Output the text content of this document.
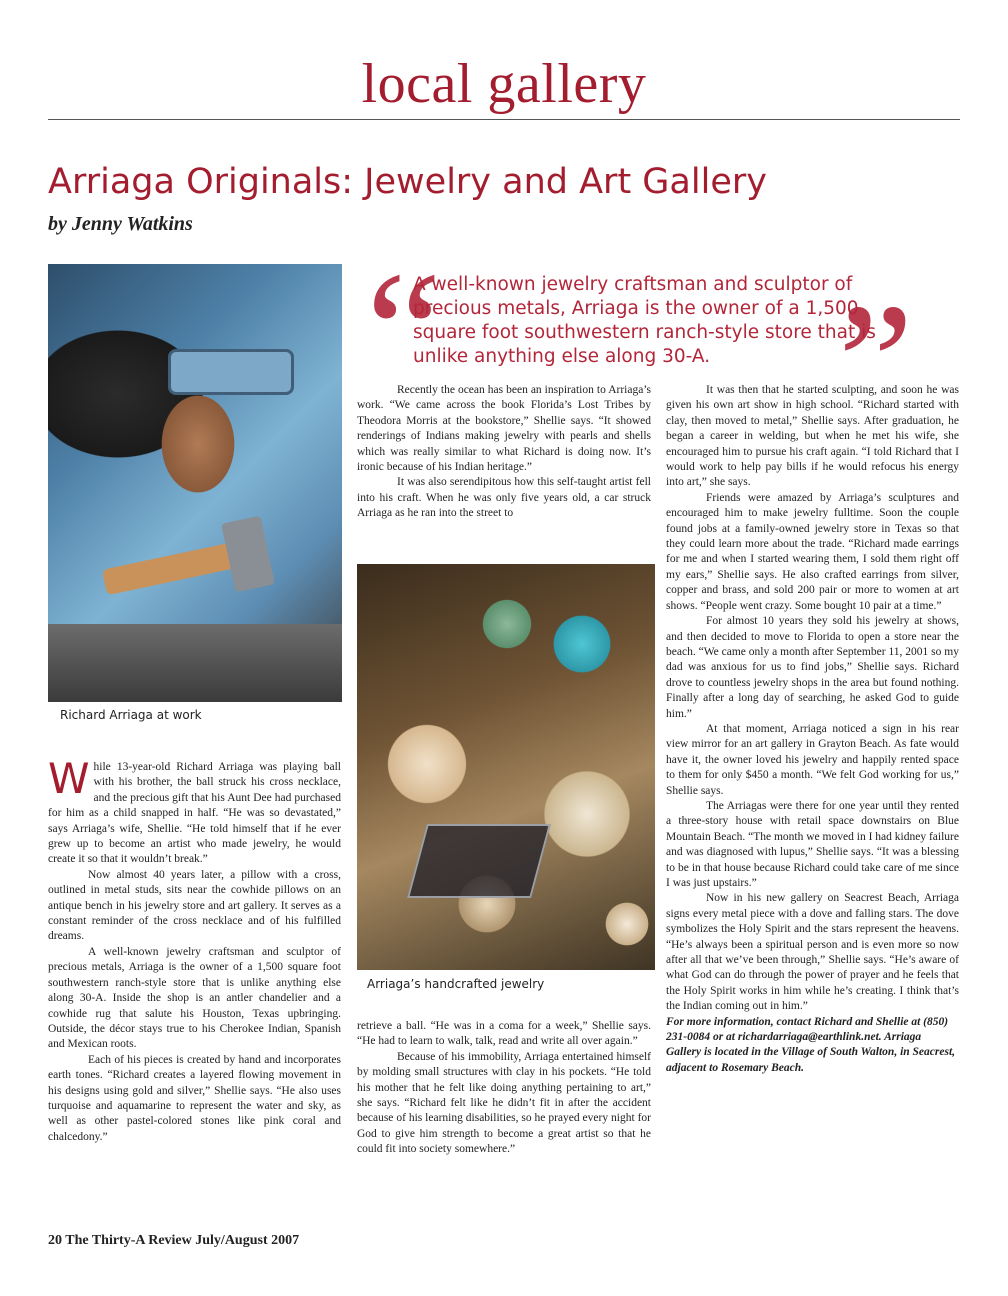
local gallery
Arriaga Originals: Jewelry and Art Gallery
by Jenny Watkins
Richard Arriaga at work
“ ”
A well-known jewelry craftsman and sculptor of precious metals, Arriaga is the owner of a 1,500 square foot southwestern ranch-style store that is unlike anything else along 30-A.

Recently the ocean has been an inspiration to Arriaga’s work. “We came across the book Florida’s Lost Tribes by Theodora Morris at the bookstore,” Shellie says. “It showed renderings of Indians making jewelry with pearls and shells which was really similar to what Richard is doing now. It’s ironic because of his Indian heritage.”

It was also serendipitous how this self-taught artist fell into his craft. When he was only five years old, a car struck Arriaga as he ran into the street to

Arriaga’s handcrafted jewelry

retrieve a ball. “He was in a coma for a week,” Shellie says. “He had to learn to walk, talk, read and write all over again.”

Because of his immobility, Arriaga entertained himself by molding small structures with clay in his pockets. “He told his mother that he felt like doing anything pertaining to art,” she says. “Richard felt like he didn’t fit in after the accident because of his learning disabilities, so he prayed every night for God to give him strength to become a great artist so that he could fit into society somewhere.”

While 13-year-old Richard Arriaga was playing ball with his brother, the ball struck his cross necklace, and the precious gift that his Aunt Dee had purchased for him as a child snapped in half. “He was so devastated,” says Arriaga’s wife, Shellie. “He told himself that if he ever grew up to become an artist who made jewelry, he would create it so that it wouldn’t break.”

Now almost 40 years later, a pillow with a cross, outlined in metal studs, sits near the cowhide pillows on an antique bench in his jewelry store and art gallery. It serves as a constant reminder of the cross necklace and of his fulfilled dreams.

A well-known jewelry craftsman and sculptor of precious metals, Arriaga is the owner of a 1,500 square foot southwestern ranch-style store that is unlike anything else along 30-A. Inside the shop is an antler chandelier and a cowhide rug that salute his Houston, Texas upbringing. Outside, the décor stays true to his Cherokee Indian, Spanish and Mexican roots.

Each of his pieces is created by hand and incorporates earth tones. “Richard creates a layered flowing movement in his designs using gold and silver,” Shellie says. “He also uses turquoise and aquamarine to represent the water and sky, as well as other pastel-colored stones like pink coral and chalcedony.”

It was then that he started sculpting, and soon he was given his own art show in high school. “Richard started with clay, then moved to metal,” Shellie says. After graduation, he began a career in welding, but when he met his wife, she encouraged him to pursue his craft again. “I told Richard that I would work to help pay bills if he would refocus his energy into art,” she says.

Friends were amazed by Arriaga’s sculptures and encouraged him to make jewelry fulltime. Soon the couple found jobs at a family-owned jewelry store in Texas so that they could learn more about the trade. “Richard made earrings for me and when I started wearing them, I sold them right off my ears,” Shellie says. He also crafted earrings from silver, copper and brass, and sold 200 pair or more to women at art shows. “People went crazy. Some bought 10 pair at a time.”

For almost 10 years they sold his jewelry at shows, and then decided to move to Florida to open a store near the beach. “We came only a month after September 11, 2001 so my dad was anxious for us to find jobs,” Shellie says. Richard drove to countless jewelry shops in the area but found nothing. Finally after a long day of searching, he asked God to guide him.”

At that moment, Arriaga noticed a sign in his rear view mirror for an art gallery in Grayton Beach. As fate would have it, the owner loved his jewelry and happily rented space to them for only $450 a month. “We felt God working for us,” Shellie says.

The Arriagas were there for one year until they rented a three-story house with retail space downstairs on Blue Mountain Beach. “The month we moved in I had kidney failure and was diagnosed with lupus,” Shellie says. “It was a blessing to be in that house because Richard could take care of me since I was just upstairs.”

Now in his new gallery on Seacrest Beach, Arriaga signs every metal piece with a dove and falling stars. The dove symbolizes the Holy Spirit and the stars represent the heavens. “He’s always been a spiritual person and is even more so now after all that we’ve been through,” Shellie says. “He’s aware of what God can do through the power of prayer and he feels that the Holy Spirit works in him while he’s creating. I think that’s the Indian coming out in him.”

For more information, contact Richard and Shellie at (850) 231-0084 or at richardarriaga@earthlink.net. Arriaga Gallery is located in the Village of South Walton, in Seacrest, adjacent to Rosemary Beach.

20 The Thirty-A Review July/August 2007
